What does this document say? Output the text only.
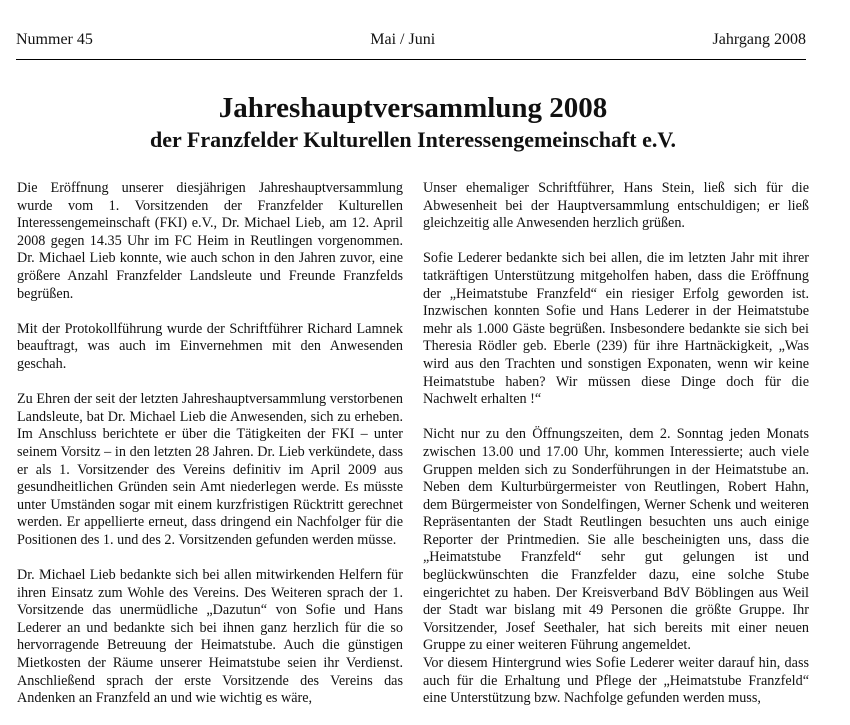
Nummer 45	Mai / Juni	Jahrgang 2008
Jahreshauptversammlung 2008
der Franzfelder Kulturellen Interessengemeinschaft e.V.

Die Eröffnung unserer diesjährigen Jahreshauptversammlung wurde vom 1. Vorsitzenden der Franzfelder Kulturellen Interessengemeinschaft (FKI) e.V., Dr. Michael Lieb, am 12. April 2008 gegen 14.35 Uhr im FC Heim in Reutlingen vorgenommen. Dr. Michael Lieb konnte, wie auch schon in den Jahren zuvor, eine größere Anzahl Franzfelder Landsleute und Freunde Franzfelds begrüßen.

Mit der Protokollführung wurde der Schriftführer Richard Lamnek beauftragt, was auch im Einvernehmen mit den Anwesenden geschah.

Zu Ehren der seit der letzten Jahreshauptversammlung verstorbenen Landsleute, bat Dr. Michael Lieb die Anwesenden, sich zu erheben. Im Anschluss berichtete er über die Tätigkeiten der FKI – unter seinem Vorsitz – in den letzten 28 Jahren. Dr. Lieb verkündete, dass er als 1. Vorsitzender des Vereins definitiv im April 2009 aus gesundheitlichen Gründen sein Amt niederlegen werde. Es müsste unter Umständen sogar mit einem kurzfristigen Rücktritt gerechnet werden. Er appellierte erneut, dass dringend ein Nachfolger für die Positionen des 1. und des 2. Vorsitzenden gefunden werden müsse.

Dr. Michael Lieb bedankte sich bei allen mitwirkenden Helfern für ihren Einsatz zum Wohle des Vereins. Des Weiteren sprach der 1. Vorsitzende das unermüdliche „Dazutun“ von Sofie und Hans Lederer an und bedankte sich bei ihnen ganz herzlich für die so hervorragende Betreuung der Heimatstube. Auch die günstigen Mietkosten der Räume unserer Heimatstube seien ihr Verdienst. Anschließend sprach der erste Vorsitzende des Vereins das Andenken an Franzfeld an und wie wichtig es wäre,

Unser ehemaliger Schriftführer, Hans Stein, ließ sich für die Abwesenheit bei der Hauptversammlung entschuldigen; er ließ gleichzeitig alle Anwesenden herzlich grüßen.

Sofie Lederer bedankte sich bei allen, die im letzten Jahr mit ihrer tatkräftigen Unterstützung mitgeholfen haben, dass die Eröffnung der „Heimatstube Franzfeld“ ein riesiger Erfolg geworden ist. Inzwischen konnten Sofie und Hans Lederer in der Heimatstube mehr als 1.000 Gäste begrüßen. Insbesondere bedankte sie sich bei Theresia Rödler geb. Eberle (239) für ihre Hartnäckigkeit, „Was wird aus den Trachten und sonstigen Exponaten, wenn wir keine Heimatstube haben? Wir müssen diese Dinge doch für die Nachwelt erhalten !“

Nicht nur zu den Öffnungszeiten, dem 2. Sonntag jeden Monats zwischen 13.00 und 17.00 Uhr, kommen Interessierte; auch viele Gruppen melden sich zu Sonderführungen in der Heimatstube an. Neben dem Kulturbürgermeister von Reutlingen, Robert Hahn, dem Bürgermeister von Sondelfingen, Werner Schenk und weiteren Repräsentanten der Stadt Reutlingen besuchten uns auch einige Reporter der Printmedien. Sie alle bescheinigten uns, dass die „Heimatstube Franzfeld“ sehr gut gelungen ist und beglückwünschten die Franzfelder dazu, eine solche Stube eingerichtet zu haben. Der Kreisverband BdV Böblingen aus Weil der Stadt war bislang mit 49 Personen die größte Gruppe. Ihr Vorsitzender, Josef Seethaler, hat sich bereits mit einer neuen Gruppe zu einer weiteren Führung angemeldet.

Vor diesem Hintergrund wies Sofie Lederer weiter darauf hin, dass auch für die Erhaltung und Pflege der „Heimatstube Franzfeld“ eine Unterstützung bzw. Nachfolge gefunden werden muss,
